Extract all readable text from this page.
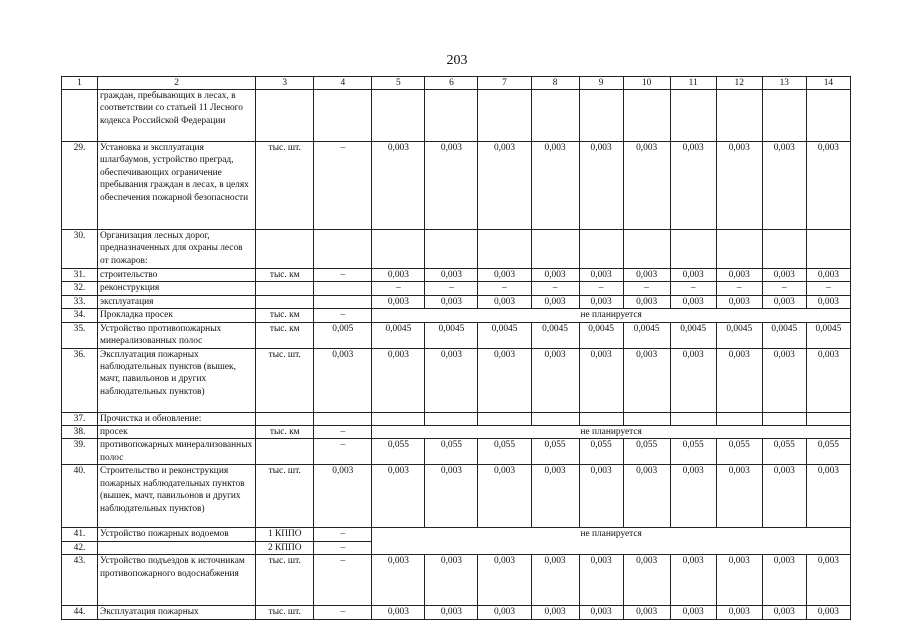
203
1	2	3	4	5	6	7	8	9	10	11	12	13	14
	граждан, пребывающих в лесах, в соответствии со статьей 11 Лесного кодекса Российской Федерации												
29.	Установка и эксплуатация шлагбаумов, устройство преград, обеспечивающих ограничение пребывания граждан в лесах, в целях обеспечения пожарной безопасности	тыс. шт.	–	0,003	0,003	0,003	0,003	0,003	0,003	0,003	0,003	0,003	0,003
30.	Организация лесных дорог, предназначенных для охраны лесов от пожаров:												
31.	строительство	тыс. км	–	0,003	0,003	0,003	0,003	0,003	0,003	0,003	0,003	0,003	0,003
32.	реконструкция			–	–	–	–	–	–	–	–	–	–
33.	эксплуатация			0,003	0,003	0,003	0,003	0,003	0,003	0,003	0,003	0,003	0,003
34.	Прокладка просек	тыс. км	–	не планируется									
35.	Устройство противопожарных минерализованных полос	тыс. км	0,005	0,0045	0,0045	0,0045	0,0045	0,0045	0,0045	0,0045	0,0045	0,0045	0,0045
36.	Эксплуатация пожарных наблюдательных пунктов (вышек, мачт, павильонов и других наблюдательных пунктов)	тыс. шт.	0,003	0,003	0,003	0,003	0,003	0,003	0,003	0,003	0,003	0,003	0,003
37.	Прочистка и обновление:												
38.	просек	тыс. км	–	не планируется									
39.	противопожарных минерализованных полос		–	0,055	0,055	0,055	0,055	0,055	0,055	0,055	0,055	0,055	0,055
40.	Строительство и реконструкция пожарных наблюдательных пунктов (вышек, мачт, павильонов и других наблюдательных пунктов)	тыс. шт.	0,003	0,003	0,003	0,003	0,003	0,003	0,003	0,003	0,003	0,003	0,003
41.	Устройство пожарных водоемов	1 КППО	–	не планируется									
42.		2 КППО	–										
43.	Устройство подъездов к источникам противопожарного водоснабжения	тыс. шт.	–	0,003	0,003	0,003	0,003	0,003	0,003	0,003	0,003	0,003	0,003
44.	Эксплуатация пожарных	тыс. шт.	–	0,003	0,003	0,003	0,003	0,003	0,003	0,003	0,003	0,003	0,003
